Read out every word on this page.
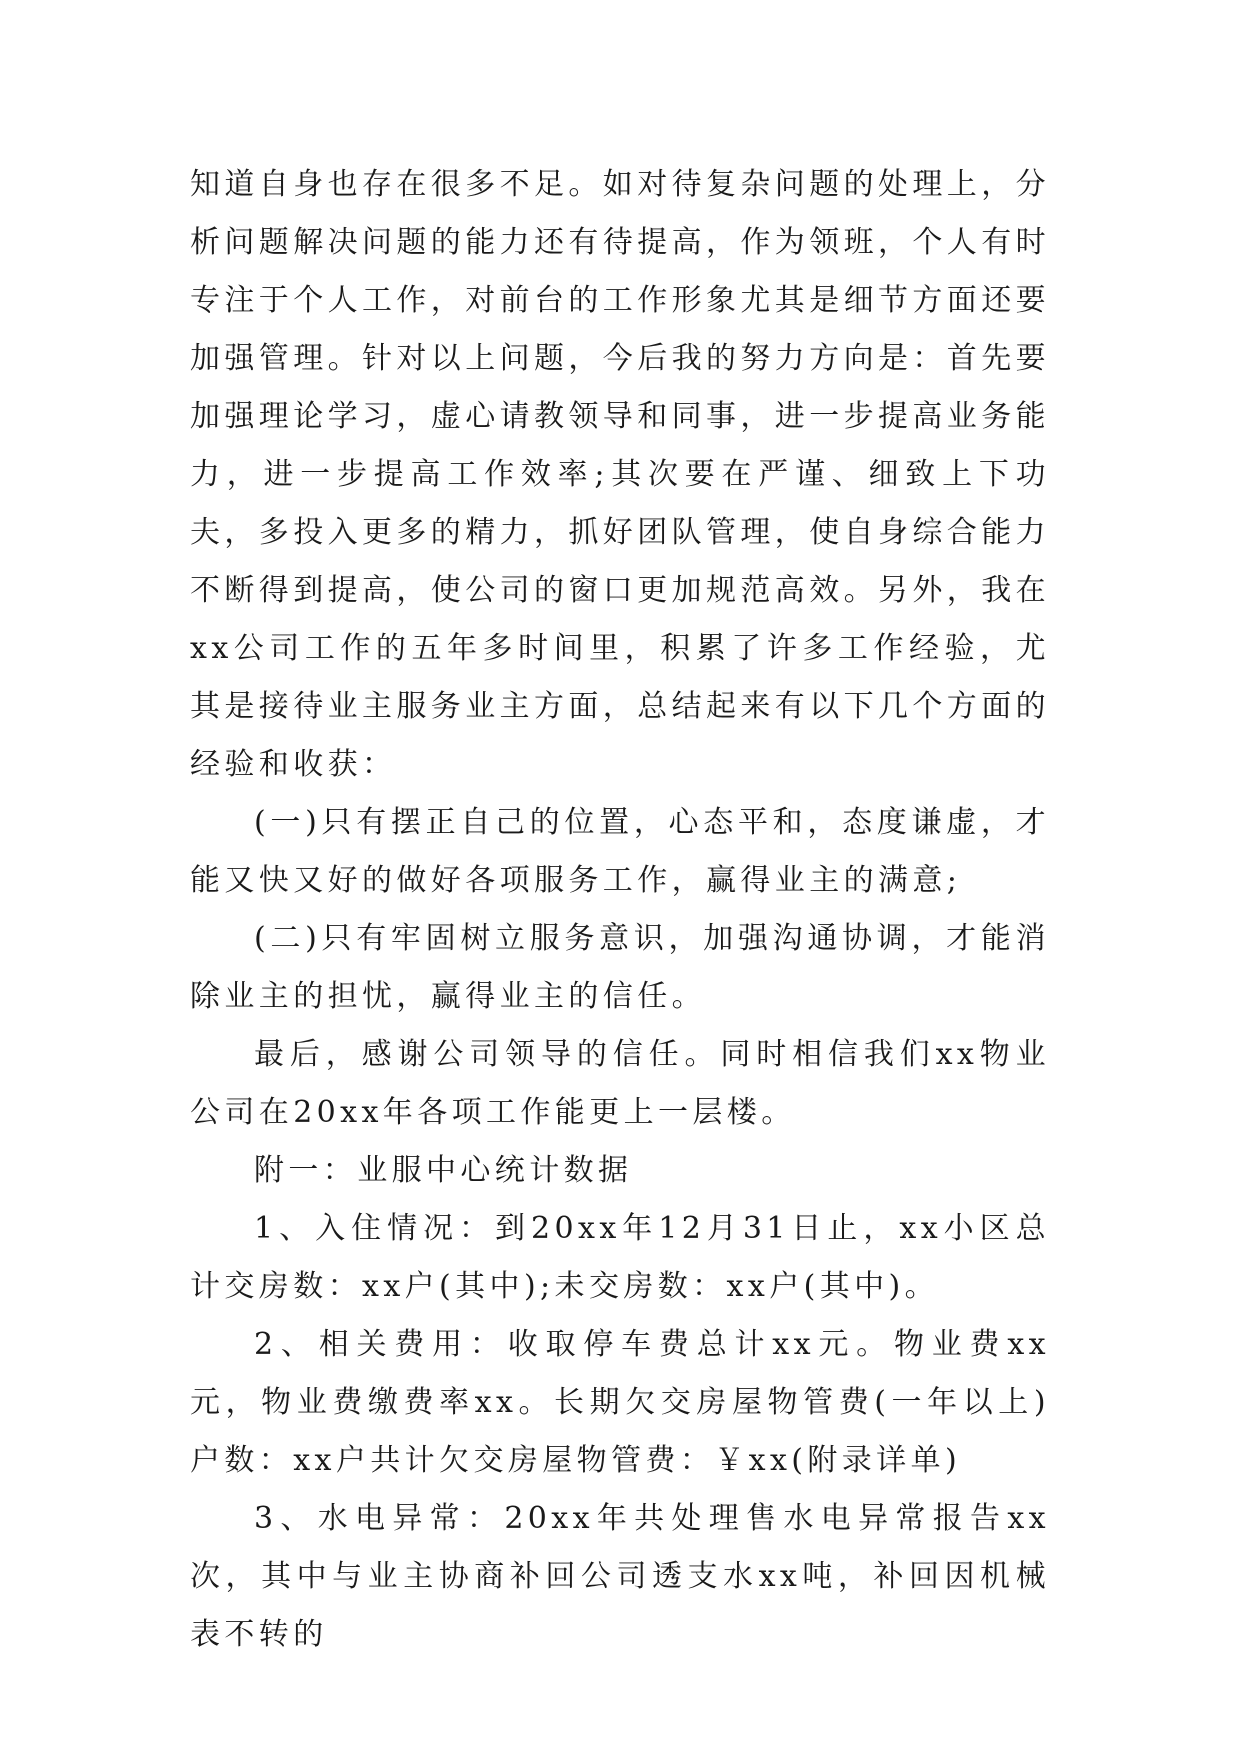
知道自身也存在很多不足。如对待复杂问题的处理上，分析问题解决问题的能力还有待提高，作为领班，个人有时专注于个人工作，对前台的工作形象尤其是细节方面还要加强管理。针对以上问题，今后我的努力方向是：首先要加强理论学习，虚心请教领导和同事，进一步提高业务能力，进一步提高工作效率;其次要在严谨、细致上下功夫，多投入更多的精力，抓好团队管理，使自身综合能力不断得到提高，使公司的窗口更加规范高效。另外，我在xx公司工作的五年多时间里，积累了许多工作经验，尤其是接待业主服务业主方面，总结起来有以下几个方面的经验和收获：

(一)只有摆正自己的位置，心态平和，态度谦虚，才能又快又好的做好各项服务工作，赢得业主的满意;

(二)只有牢固树立服务意识，加强沟通协调，才能消除业主的担忧，赢得业主的信任。

最后，感谢公司领导的信任。同时相信我们xx物业公司在20xx年各项工作能更上一层楼。

附一：业服中心统计数据

1、入住情况：到20xx年12月31日止，xx小区总计交房数：xx户(其中);未交房数：xx户(其中)。

2、相关费用：收取停车费总计xx元。物业费xx元，物业费缴费率xx。长期欠交房屋物管费(一年以上)户数：xx户共计欠交房屋物管费：￥xx(附录详单)

3、水电异常：20xx年共处理售水电异常报告xx次，其中与业主协商补回公司透支水xx吨，补回因机械表不转的
